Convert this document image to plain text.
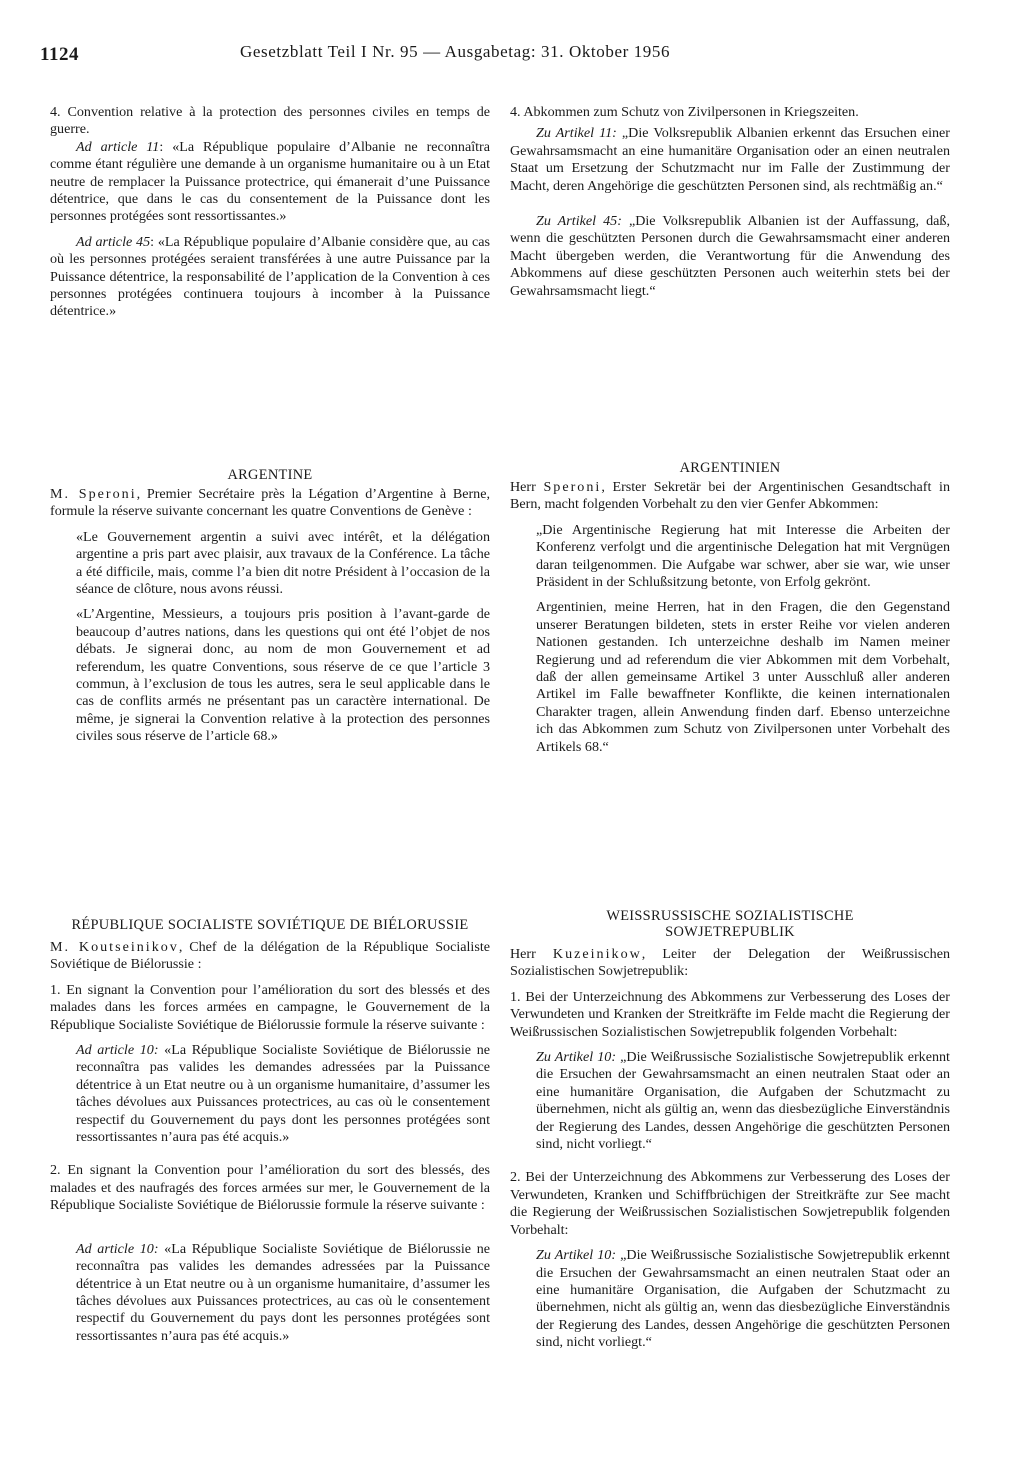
1124	Gesetzblatt Teil I Nr. 95 — Ausgabetag: 31. Oktober 1956

4. Convention relative à la protection des personnes civiles en temps de guerre.

Ad article 11: «La République populaire d’Albanie ne reconnaîtra comme étant régulière une demande à un organisme humanitaire ou à un Etat neutre de remplacer la Puissance protectrice, qui émanerait d’une Puissance détentrice, que dans le cas du consentement de la Puissance dont les personnes protégées sont ressortissantes.»

Ad article 45: «La République populaire d’Albanie considère que, au cas où les personnes protégées seraient transférées à une autre Puissance par la Puissance détentrice, la responsabilité de l’application de la Convention à ces personnes protégées continuera toujours à incomber à la Puissance détentrice.»

4. Abkommen zum Schutz von Zivilpersonen in Kriegszeiten.

Zu Artikel 11: „Die Volksrepublik Albanien erkennt das Ersuchen einer Gewahrsamsmacht an eine humanitäre Organisation oder an einen neutralen Staat um Ersetzung der Schutzmacht nur im Falle der Zustimmung der Macht, deren Angehörige die geschützten Personen sind, als rechtmäßig an.“

Zu Artikel 45: „Die Volksrepublik Albanien ist der Auffassung, daß, wenn die geschützten Personen durch die Gewahrsamsmacht einer anderen Macht übergeben werden, die Verantwortung für die Anwendung des Abkommens auf diese geschützten Personen auch weiterhin stets bei der Gewahrsamsmacht liegt.“

ARGENTINE

M. Speroni, Premier Secrétaire près la Légation d’Argentine à Berne, formule la réserve suivante concernant les quatre Conventions de Genève :

«Le Gouvernement argentin a suivi avec intérêt, et la délégation argentine a pris part avec plaisir, aux travaux de la Conférence. La tâche a été difficile, mais, comme l’a bien dit notre Président à l’occasion de la séance de clôture, nous avons réussi.

«L’Argentine, Messieurs, a toujours pris position à l’avant-garde de beaucoup d’autres nations, dans les questions qui ont été l’objet de nos débats. Je signerai donc, au nom de mon Gouvernement et ad referendum, les quatre Conventions, sous réserve de ce que l’article 3 commun, à l’exclusion de tous les autres, sera le seul applicable dans le cas de conflits armés ne présentant pas un caractère international. De même, je signerai la Convention relative à la protection des personnes civiles sous réserve de l’article 68.»

ARGENTINIEN

Herr Speroni, Erster Sekretär bei der Argentinischen Gesandtschaft in Bern, macht folgenden Vorbehalt zu den vier Genfer Abkommen:

„Die Argentinische Regierung hat mit Interesse die Arbeiten der Konferenz verfolgt und die argentinische Delegation hat mit Vergnügen daran teilgenommen. Die Aufgabe war schwer, aber sie war, wie unser Präsident in der Schlußsitzung betonte, von Erfolg gekrönt.

Argentinien, meine Herren, hat in den Fragen, die den Gegenstand unserer Beratungen bildeten, stets in erster Reihe vor vielen anderen Nationen gestanden. Ich unterzeichne deshalb im Namen meiner Regierung und ad referendum die vier Abkommen mit dem Vorbehalt, daß der allen gemeinsame Artikel 3 unter Ausschluß aller anderen Artikel im Falle bewaffneter Konflikte, die keinen internationalen Charakter tragen, allein Anwendung finden darf. Ebenso unterzeichne ich das Abkommen zum Schutz von Zivilpersonen unter Vorbehalt des Artikels 68.“

RÉPUBLIQUE SOCIALISTE SOVIÉTIQUE DE BIÉLORUSSIE

M. Koutseinikov, Chef de la délégation de la République Socialiste Soviétique de Biélorussie :

1. En signant la Convention pour l’amélioration du sort des blessés et des malades dans les forces armées en campagne, le Gouvernement de la République Socialiste Soviétique de Biélorussie formule la réserve suivante :

Ad article 10: «La République Socialiste Soviétique de Biélorussie ne reconnaîtra pas valides les demandes adressées par la Puissance détentrice à un Etat neutre ou à un organisme humanitaire, d’assumer les tâches dévolues aux Puissances protectrices, au cas où le consentement respectif du Gouvernement du pays dont les personnes protégées sont ressortissantes n’aura pas été acquis.»

2. En signant la Convention pour l’amélioration du sort des blessés, des malades et des naufragés des forces armées sur mer, le Gouvernement de la République Socialiste Soviétique de Biélorussie formule la réserve suivante :

Ad article 10: «La République Socialiste Soviétique de Biélorussie ne reconnaîtra pas valides les demandes adressées par la Puissance détentrice à un Etat neutre ou à un organisme humanitaire, d’assumer les tâches dévolues aux Puissances protectrices, au cas où le consentement respectif du Gouvernement du pays dont les personnes protégées sont ressortissantes n’aura pas été acquis.»

WEISSRUSSISCHE SOZIALISTISCHE SOWJETREPUBLIK

Herr Kuzeinikow, Leiter der Delegation der Weißrussischen Sozialistischen Sowjetrepublik:

1. Bei der Unterzeichnung des Abkommens zur Verbesserung des Loses der Verwundeten und Kranken der Streitkräfte im Felde macht die Regierung der Weißrussischen Sozialistischen Sowjetrepublik folgenden Vorbehalt:

Zu Artikel 10: „Die Weißrussische Sozialistische Sowjetrepublik erkennt die Ersuchen der Gewahrsamsmacht an einen neutralen Staat oder an eine humanitäre Organisation, die Aufgaben der Schutzmacht zu übernehmen, nicht als gültig an, wenn das diesbezügliche Einverständnis der Regierung des Landes, dessen Angehörige die geschützten Personen sind, nicht vorliegt.“

2. Bei der Unterzeichnung des Abkommens zur Verbesserung des Loses der Verwundeten, Kranken und Schiffbrüchigen der Streitkräfte zur See macht die Regierung der Weißrussischen Sozialistischen Sowjetrepublik folgenden Vorbehalt:

Zu Artikel 10: „Die Weißrussische Sozialistische Sowjetrepublik erkennt die Ersuchen der Gewahrsamsmacht an einen neutralen Staat oder an eine humanitäre Organisation, die Aufgaben der Schutzmacht zu übernehmen, nicht als gültig an, wenn das diesbezügliche Einverständnis der Regierung des Landes, dessen Angehörige die geschützten Personen sind, nicht vorliegt.“
